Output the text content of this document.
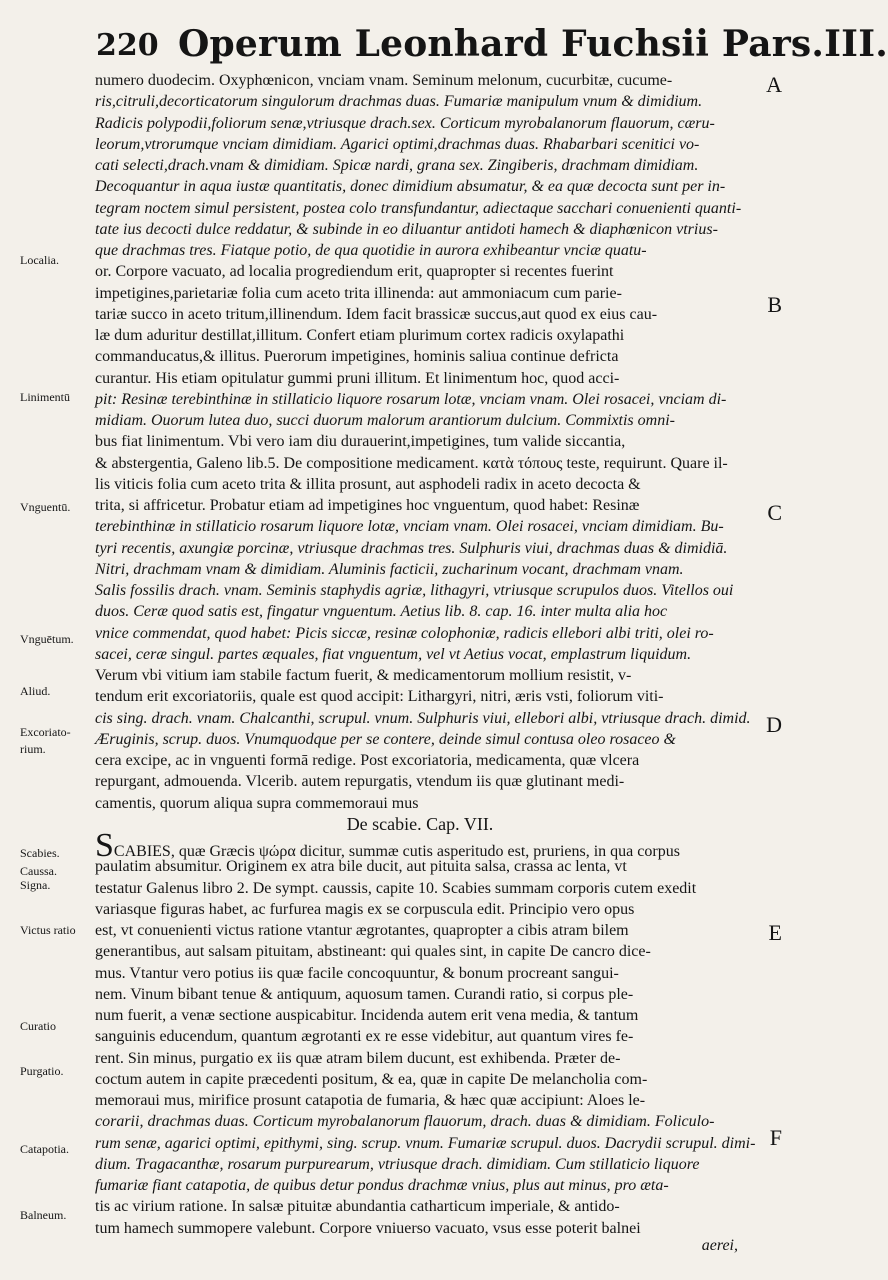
220 Operum Leonhard Fuchsii Pars.III.
Localia.
Linimentū
Vnguentū.
Vnguētum.
Aliud.
Excoriato-
rium.
Scabies.
Caussa.
Signa.
Victus ratio
Curatio
Purgatio.
Catapotia.
Balneum.
A
B
C
D
E
F
numero duodecim. Oxyphœnicon, vnciam vnam. Seminum melonum, cucurbitæ, cucume-
ris,citruli,decorticatorum singulorum drachmas duas. Fumariæ manipulum vnum & dimidium.
Radicis polypodii,foliorum senæ,vtriusque drach.sex. Corticum myrobalanorum flauorum, cæru-
leorum,vtrorumque vnciam dimidiam. Agarici optimi,drachmas duas. Rhabarbari scenitici vo-
cati selecti,drach.vnam & dimidiam. Spicæ nardi, grana sex. Zingiberis, drachmam dimidiam.
Decoquantur in aqua iustæ quantitatis, donec dimidium absumatur, & ea quæ decocta sunt per in-
tegram noctem simul persistent, postea colo transfundantur, adiectaque sacchari conuenienti quanti-
tate ius decocti dulce reddatur, & subinde in eo diluantur antidoti hamech & diaphœnicon vtrius-
que drachmas tres. Fiatque potio, de qua quotidie in aurora exhibeantur vnciæ quatu-
or. Corpore vacuato, ad localia progrediendum erit, quapropter si recentes fuerint
impetigines,parietariæ folia cum aceto trita illinenda: aut ammoniacum cum parie-
tariæ succo in aceto tritum,illinendum. Idem facit brassicæ succus,aut quod ex eius cau-
læ dum aduritur destillat,illitum. Confert etiam plurimum cortex radicis oxylapathi
commanducatus,& illitus. Puerorum impetigines, hominis saliua continue defricta
curantur. His etiam opitulatur gummi pruni illitum. Et linimentum hoc, quod acci-
pit: Resinæ terebinthinæ in stillaticio liquore rosarum lotæ, vnciam vnam. Olei rosacei, vnciam di-
midiam. Ouorum lutea duo, succi duorum malorum arantiorum dulcium. Commixtis omni-
bus fiat linimentum. Vbi vero iam diu durauerint,impetigines, tum valide siccantia,
& abstergentia, Galeno lib.5. De compositione medicament. κατὰ τόπους teste, requirunt. Quare il-
lis viticis folia cum aceto trita & illita prosunt, aut asphodeli radix in aceto decocta &
trita, si affricetur. Probatur etiam ad impetigines hoc vnguentum, quod habet: Resinæ
terebinthinæ in stillaticio rosarum liquore lotæ, vnciam vnam. Olei rosacei, vnciam dimidiam. Bu-
tyri recentis, axungiæ porcinæ, vtriusque drachmas tres. Sulphuris viui, drachmas duas & dimidiā.
Nitri, drachmam vnam & dimidiam. Aluminis facticii, zucharinum vocant, drachmam vnam.
Salis fossilis drach. vnam. Seminis staphydis agriæ, lithagyri, vtriusque scrupulos duos. Vitellos oui
duos. Ceræ quod satis est, fingatur vnguentum. Aetius lib. 8. cap. 16. inter multa alia hoc
vnice commendat, quod habet: Picis siccæ, resinæ colophoniæ, radicis ellebori albi triti, olei ro-
sacei, ceræ singul. partes æquales, fiat vnguentum, vel vt Aetius vocat, emplastrum liquidum.
Verum vbi vitium iam stabile factum fuerit, & medicamentorum mollium resistit, v-
tendum erit excoriatoriis, quale est quod accipit: Lithargyri, nitri, æris vsti, foliorum viti-
cis sing. drach. vnam. Chalcanthi, scrupul. vnum. Sulphuris viui, ellebori albi, vtriusque drach. dimid.
Æruginis, scrup. duos. Vnumquodque per se contere, deinde simul contusa oleo rosaceo &
cera excipe, ac in vnguenti formā redige. Post excoriatoria, medicamenta, quæ vlcera
repurgant, admouenda. Vlcerib. autem repurgatis, vtendum iis quæ glutinant medi-
camentis, quorum aliqua supra commemoraui mus
De scabie. Cap. VII.
SCABIES, quæ Græcis ψώρα dicitur, summæ cutis asperitudo est, pruriens, in qua corpus
paulatim absumitur. Originem ex atra bile ducit, aut pituita salsa, crassa ac lenta, vt
testatur Galenus libro 2. De sympt. caussis, capite 10. Scabies summam corporis cutem exedit
variasque figuras habet, ac furfurea magis ex se corpuscula edit. Principio vero opus
est, vt conuenienti victus ratione vtantur ægrotantes, quapropter a cibis atram bilem
generantibus, aut salsam pituitam, abstineant: qui quales sint, in capite De cancro dice-
mus. Vtantur vero potius iis quæ facile concoquuntur, & bonum procreant sangui-
nem. Vinum bibant tenue & antiquum, aquosum tamen. Curandi ratio, si corpus ple-
num fuerit, a venæ sectione auspicabitur. Incidenda autem erit vena media, & tantum
sanguinis educendum, quantum ægrotanti ex re esse videbitur, aut quantum vires fe-
rent. Sin minus, purgatio ex iis quæ atram bilem ducunt, est exhibenda. Præter de-
coctum autem in capite præcedenti positum, & ea, quæ in capite De melancholia com-
memoraui mus, mirifice prosunt catapotia de fumaria, & hæc quæ accipiunt: Aloes le-
corarii, drachmas duas. Corticum myrobalanorum flauorum, drach. duas & dimidiam. Foliculo-
rum senæ, agarici optimi, epithymi, sing. scrup. vnum. Fumariæ scrupul. duos. Dacrydii scrupul. dimi-
dium. Tragacanthæ, rosarum purpurearum, vtriusque drach. dimidiam. Cum stillaticio liquore
fumariæ fiant catapotia, de quibus detur pondus drachmæ vnius, plus aut minus, pro æta-
tis ac virium ratione. In salsæ pituitæ abundantia catharticum imperiale, & antido-
tum hamech summopere valebunt. Corpore vniuerso vacuato, vsus esse poterit balnei
aerei,
